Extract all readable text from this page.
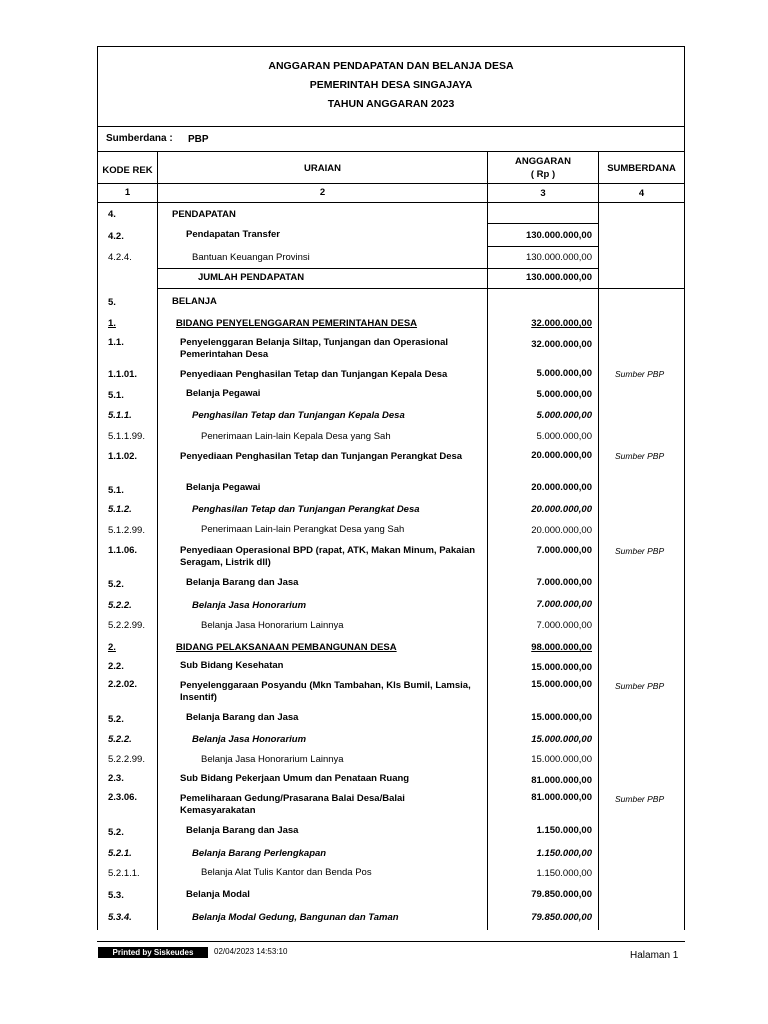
ANGGARAN PENDAPATAN DAN BELANJA DESA
PEMERINTAH DESA SINGAJAYA
TAHUN ANGGARAN 2023
Sumberdana : PBP
KODE REK	URAIAN
ANGGARAN
( Rp )
SUMBERDANA
1	2	3	4
4.	PENDAPATAN
4.2.	Pendapatan Transfer	130.000.000,00
4.2.4.	Bantuan Keuangan Provinsi	130.000.000,00
JUMLAH PENDAPATAN	130.000.000,00
5.	BELANJA
1.	BIDANG PENYELENGGARAN PEMERINTAHAN DESA	32.000.000,00
1.1.	Penyelenggaran Belanja Siltap, Tunjangan dan Operasional
Pemerintahan Desa
32.000.000,00
1.1.01.	Penyediaan Penghasilan Tetap dan Tunjangan Kepala Desa	5.000.000,00	Sumber PBP
5.1.	Belanja Pegawai	5.000.000,00
5.1.1.	Penghasilan Tetap dan Tunjangan Kepala Desa	5.000.000,00
5.1.1.99.	Penerimaan Lain-lain Kepala Desa yang Sah	5.000.000,00
1.1.02.	Penyediaan Penghasilan Tetap dan Tunjangan Perangkat Desa	20.000.000,00	Sumber PBP
5.1.	Belanja Pegawai	20.000.000,00
5.1.2.	Penghasilan Tetap dan Tunjangan Perangkat Desa	20.000.000,00
5.1.2.99.	Penerimaan Lain-lain Perangkat Desa yang Sah	20.000.000,00
1.1.06.	Penyediaan Operasional BPD (rapat, ATK, Makan Minum, Pakaian
Seragam, Listrik dll)
7.000.000,00	Sumber PBP
5.2.	Belanja Barang dan Jasa	7.000.000,00
5.2.2.	Belanja Jasa Honorarium	7.000.000,00
5.2.2.99.	Belanja Jasa Honorarium Lainnya	7.000.000,00
2.	BIDANG PELAKSANAAN PEMBANGUNAN DESA	98.000.000,00
2.2.	Sub Bidang Kesehatan	15.000.000,00
2.2.02.	Penyelenggaraan Posyandu (Mkn Tambahan, Kls Bumil, Lamsia,
Insentif)
15.000.000,00	Sumber PBP
5.2.	Belanja Barang dan Jasa	15.000.000,00
5.2.2.	Belanja Jasa Honorarium	15.000.000,00
5.2.2.99.	Belanja Jasa Honorarium Lainnya	15.000.000,00
2.3.	Sub Bidang Pekerjaan Umum dan Penataan Ruang	81.000.000,00
2.3.06.	Pemeliharaan Gedung/Prasarana Balai Desa/Balai
Kemasyarakatan
81.000.000,00	Sumber PBP
5.2.	Belanja Barang dan Jasa	1.150.000,00
5.2.1.	Belanja Barang Perlengkapan	1.150.000,00
5.2.1.1.	Belanja Alat Tulis Kantor dan Benda Pos	1.150.000,00
5.3.	Belanja Modal	79.850.000,00
5.3.4.	Belanja Modal Gedung, Bangunan dan Taman	79.850.000,00
Printed by Siskeudes	02/04/2023 14:53:10	Halaman 1
